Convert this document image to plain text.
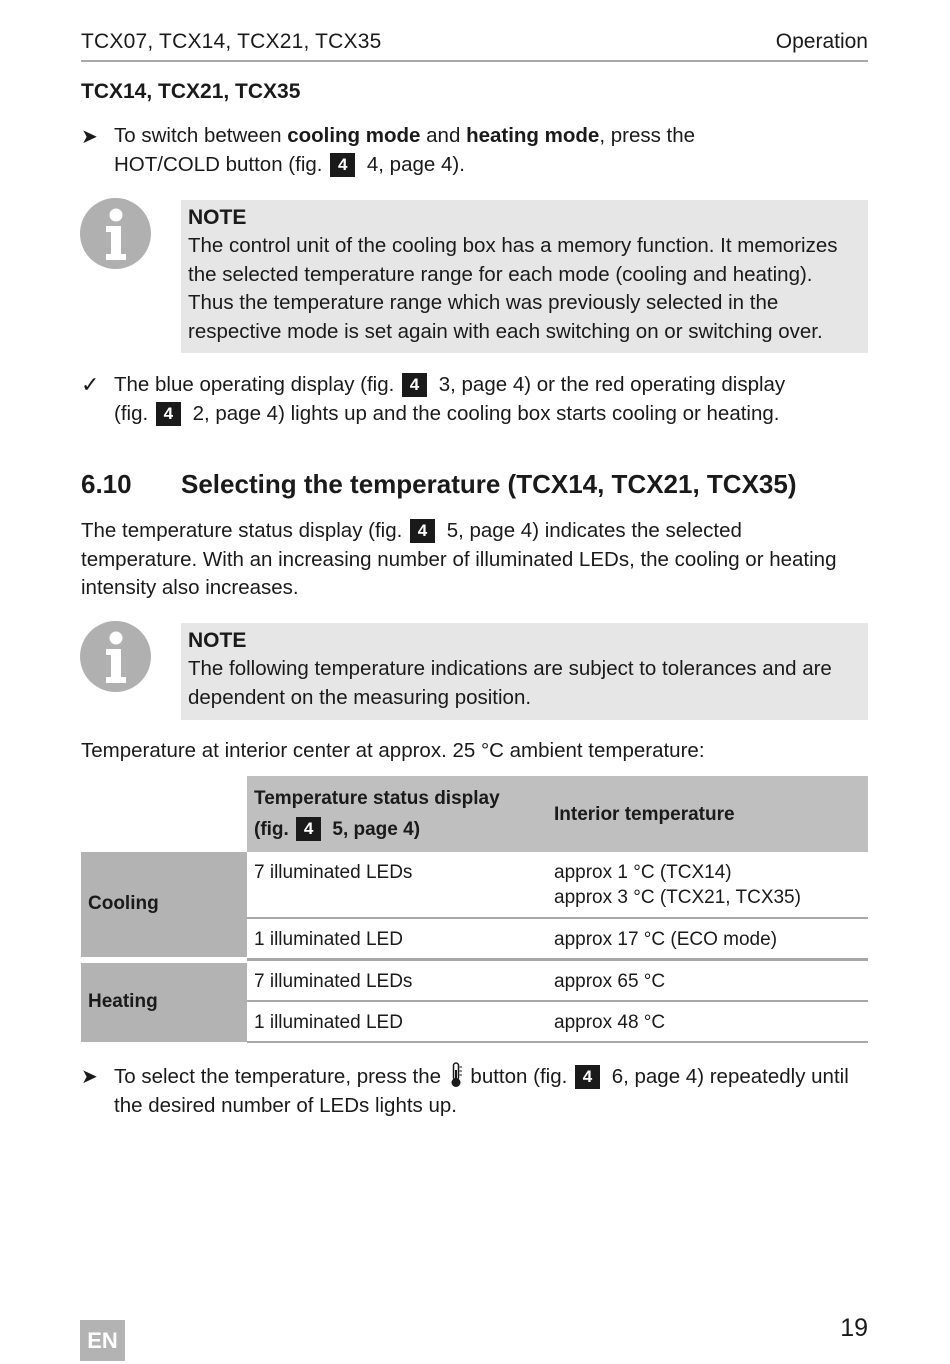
TCX07, TCX14, TCX21, TCX35	Operation
TCX14, TCX21, TCX35
➤ To switch between cooling mode and heating mode, press the
HOT/COLD button (fig. 4 4, page 4).
NOTE
The control unit of the cooling box has a memory function. It memorizes
the selected temperature range for each mode (cooling and heating).
Thus the temperature range which was previously selected in the
respective mode is set again with each switching on or switching over.
✓ The blue operating display (fig. 4 3, page 4) or the red operating display
(fig. 4 2, page 4) lights up and the cooling box starts cooling or heating.
6.10 Selecting the temperature (TCX14, TCX21, TCX35)
The temperature status display (fig. 4 5, page 4) indicates the selected
temperature. With an increasing number of illuminated LEDs, the cooling or heating
intensity also increases.
NOTE
The following temperature indications are subject to tolerances and are
dependent on the measuring position.
Temperature at interior center at approx. 25 °C ambient temperature:
	Temperature status display
(fig. 4 5, page 4)	Interior temperature
Cooling	7 illuminated LEDs	approx 1 °C (TCX14)
approx 3 °C (TCX21, TCX35)

	1 illuminated LED	approx 17 °C (ECO mode)
Heating	7 illuminated LEDs	approx 65 °C
	1 illuminated LED	approx 48 °C
➤ To select the temperature, press the  button (fig. 4 6, page 4) repeatedly until
the desired number of LEDs lights up.
EN	19
